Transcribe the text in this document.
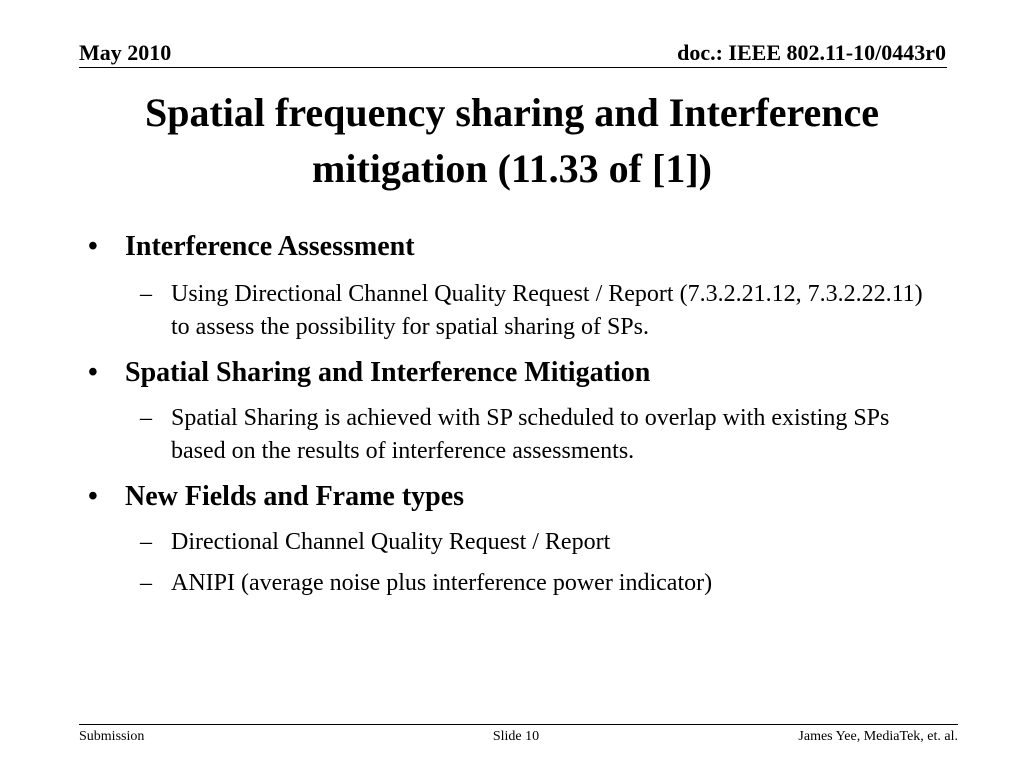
May 2010	doc.: IEEE 802.11-10/0443r0
Spatial frequency sharing and Interference
mitigation (11.33 of [1])
• Interference Assessment
– Using Directional Channel Quality Request / Report (7.3.2.21.12, 7.3.2.22.11) to assess the possibility for spatial sharing of SPs.
• Spatial Sharing and Interference Mitigation
– Spatial Sharing is achieved with SP scheduled to overlap with existing SPs based on the results of interference assessments.
• New Fields and Frame types
– Directional Channel Quality Request / Report
– ANIPI (average noise plus interference power indicator)
Submission	Slide 10	James Yee, MediaTek, et. al.
